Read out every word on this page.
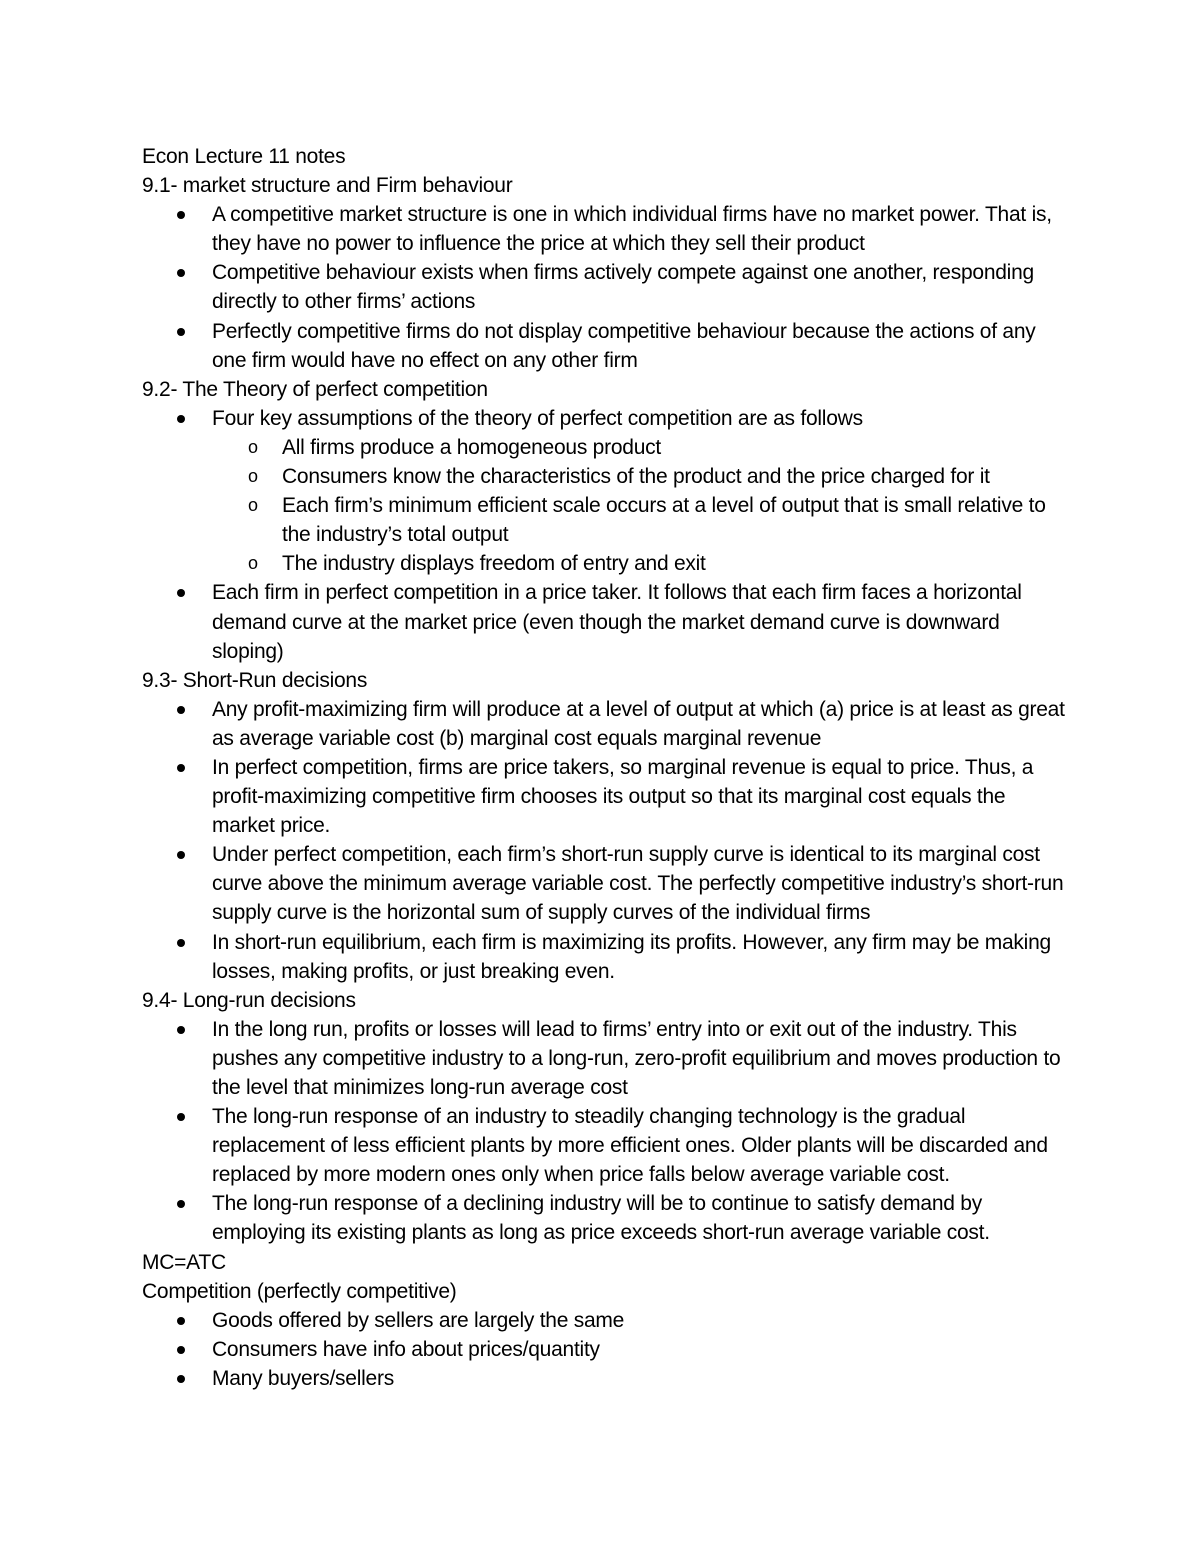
Econ Lecture 11 notes

9.1- market structure and Firm behaviour

A competitive market structure is one in which individual firms have no market power. That is, they have no power to influence the price at which they sell their product
Competitive behaviour exists when firms actively compete against one another, responding directly to other firms’ actions
Perfectly competitive firms do not display competitive behaviour because the actions of any one firm would have no effect on any other firm

9.2- The Theory of perfect competition

Four key assumptions of the theory of perfect competition are as follows
o All firms produce a homogeneous product
o Consumers know the characteristics of the product and the price charged for it
o Each firm’s minimum efficient scale occurs at a level of output that is small relative to the industry’s total output
o The industry displays freedom of entry and exit
Each firm in perfect competition in a price taker. It follows that each firm faces a horizontal demand curve at the market price (even though the market demand curve is downward sloping)

9.3- Short-Run decisions

Any profit-maximizing firm will produce at a level of output at which (a) price is at least as great as average variable cost (b) marginal cost equals marginal revenue
In perfect competition, firms are price takers, so marginal revenue is equal to price. Thus, a profit-maximizing competitive firm chooses its output so that its marginal cost equals the market price.
Under perfect competition, each firm’s short-run supply curve is identical to its marginal cost curve above the minimum average variable cost. The perfectly competitive industry’s short-run supply curve is the horizontal sum of supply curves of the individual firms
In short-run equilibrium, each firm is maximizing its profits. However, any firm may be making losses, making profits, or just breaking even.

9.4- Long-run decisions

In the long run, profits or losses will lead to firms’ entry into or exit out of the industry. This pushes any competitive industry to a long-run, zero-profit equilibrium and moves production to the level that minimizes long-run average cost
The long-run response of an industry to steadily changing technology is the gradual replacement of less efficient plants by more efficient ones. Older plants will be discarded and replaced by more modern ones only when price falls below average variable cost.
The long-run response of a declining industry will be to continue to satisfy demand by employing its existing plants as long as price exceeds short-run average variable cost.

MC=ATC

Competition (perfectly competitive)

Goods offered by sellers are largely the same
Consumers have info about prices/quantity
Many buyers/sellers
